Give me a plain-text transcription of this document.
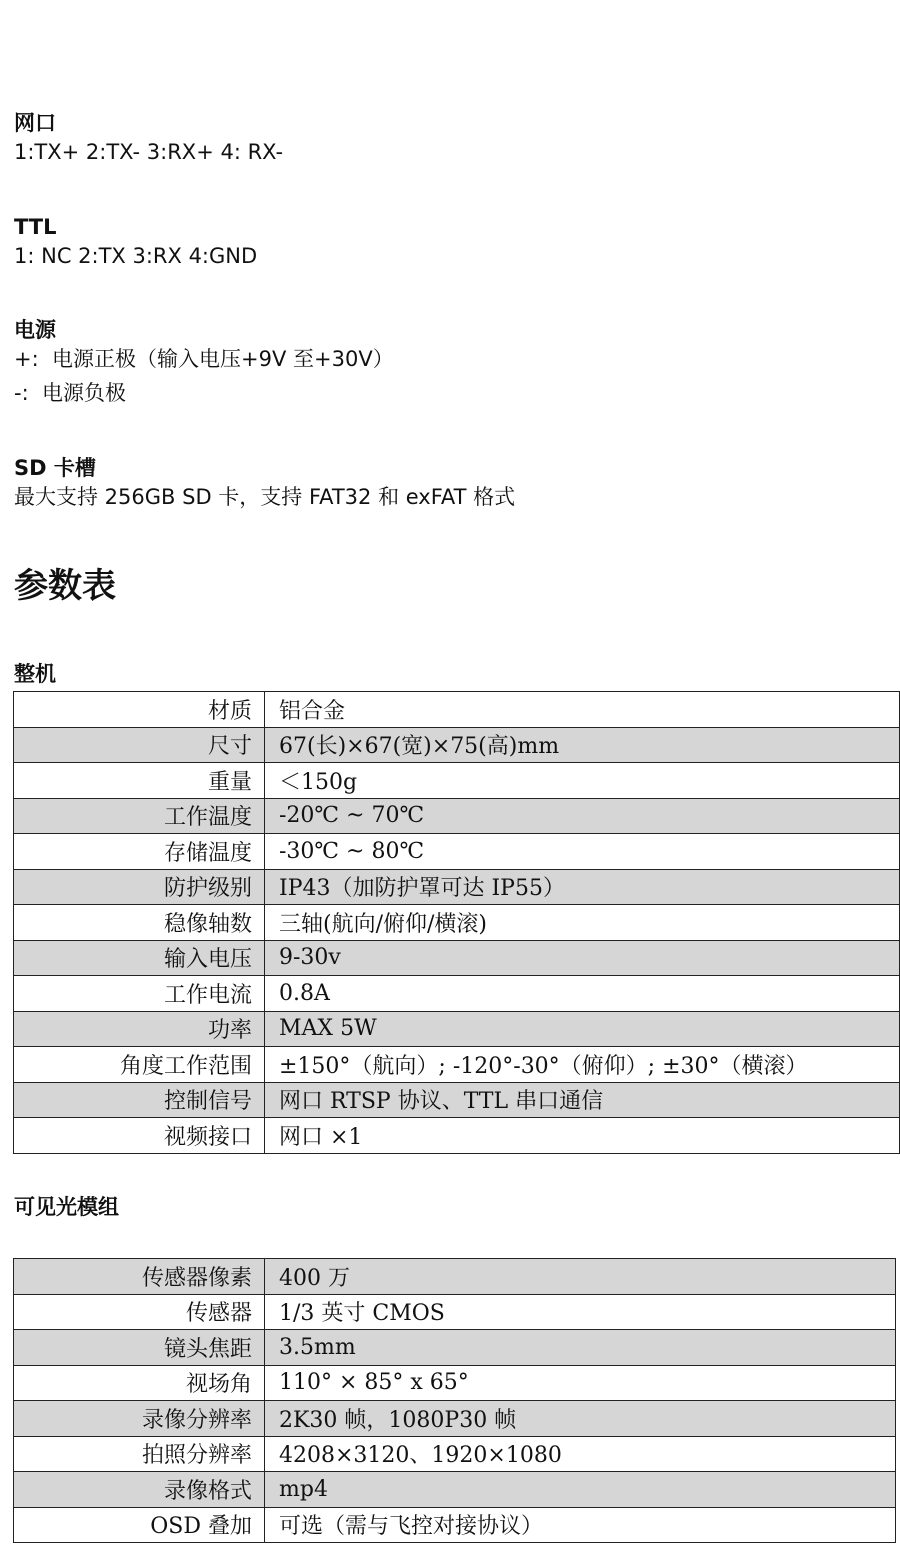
网口

1:TX+ 2:TX- 3:RX+ 4: RX-

TTL

1: NC 2:TX 3:RX 4:GND

电源

+:  电源正极（输入电压+9V 至+30V）

-:  电源负极

SD 卡槽

最大支持 256GB SD 卡，支持 FAT32 和 exFAT 格式

参数表

整机

材质	铝合金
尺寸	67(长)×67(宽)×75(高)mm
重量	＜150g
工作温度	-20℃ ~ 70℃
存储温度	-30℃ ~ 80℃
防护级别	IP43（加防护罩可达 IP55）
稳像轴数	三轴(航向/俯仰/横滚)
输入电压	9-30v
工作电流	0.8A
功率	MAX 5W
角度工作范围	±150°（航向）; -120°-30°（俯仰）; ±30°（横滚）
控制信号	网口 RTSP 协议、TTL 串口通信
视频接口	网口 ×1

可见光模组

传感器像素	400 万
传感器	1/3 英寸 CMOS
镜头焦距	3.5mm
视场角	110° × 85° x 65°
录像分辨率	2K30 帧，1080P30 帧
拍照分辨率	4208×3120、1920×1080
录像格式	mp4
OSD 叠加	可选（需与飞控对接协议）
